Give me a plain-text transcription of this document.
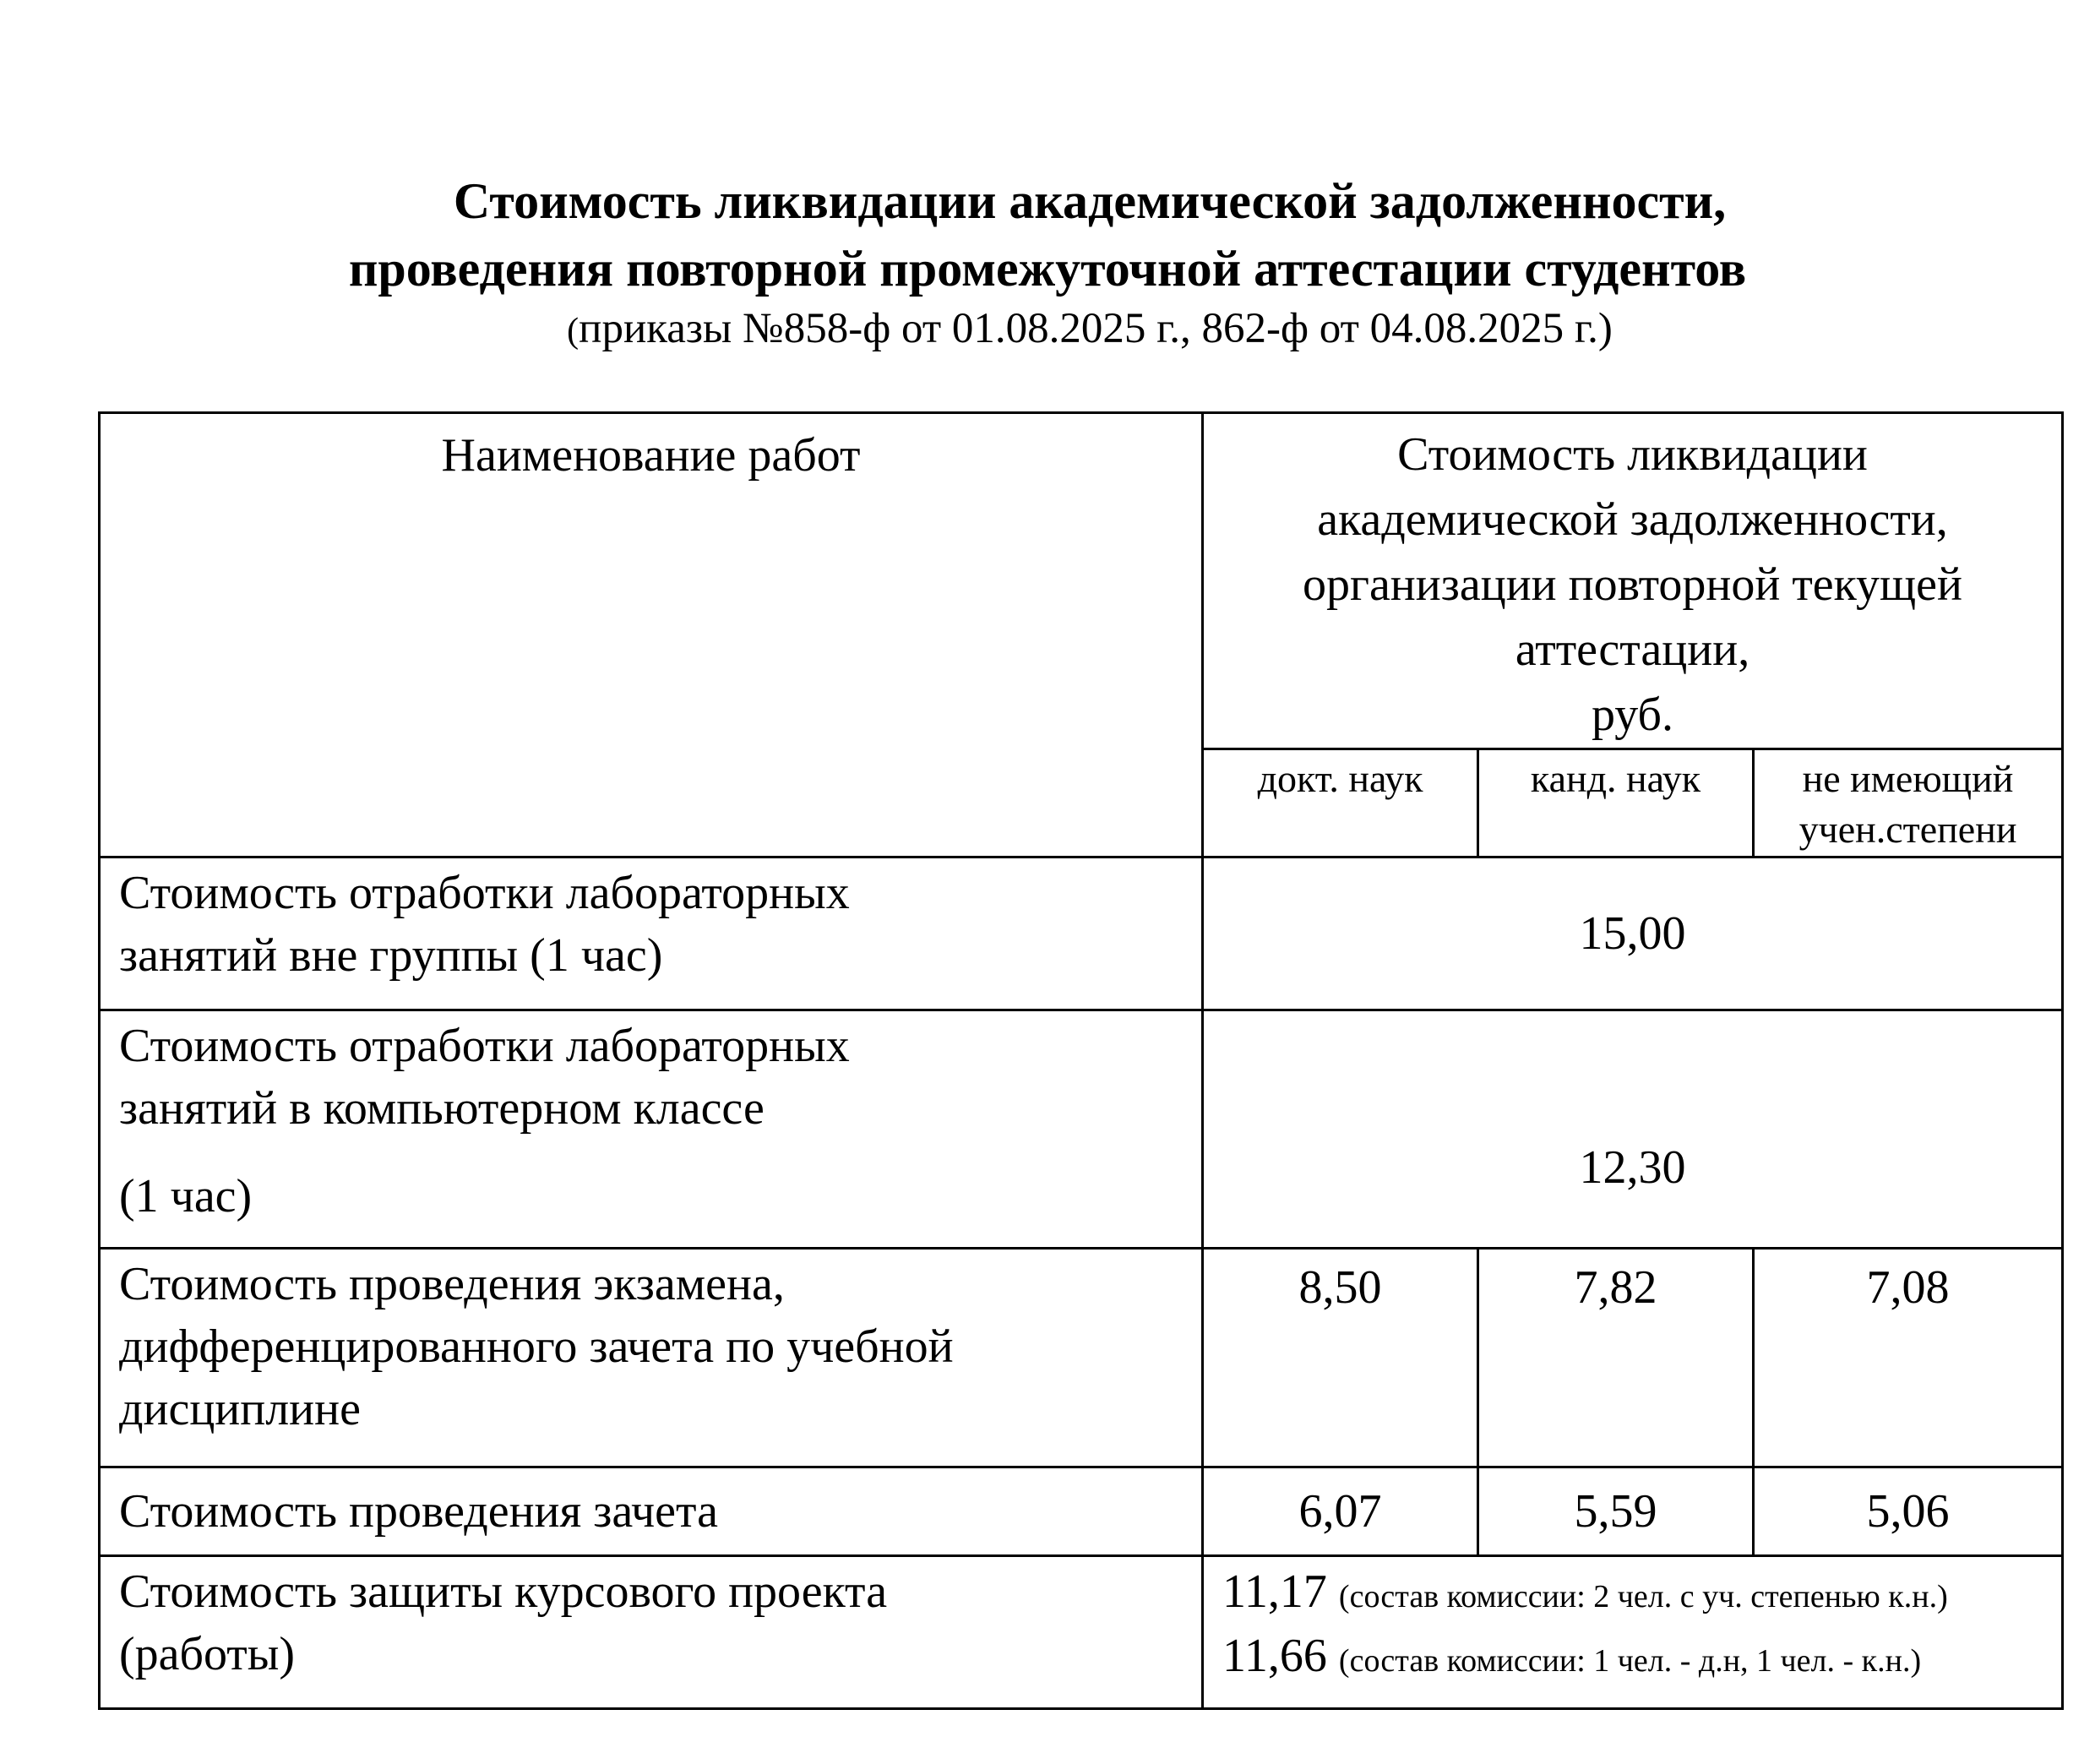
Стоимость ликвидации академической задолженности,
проведения повторной промежуточной аттестации студентов
(приказы №858-ф от 01.08.2025 г., 862-ф от 04.08.2025 г.)
Наименование работ	Стоимость ликвидации
академической задолженности,
организации повторной текущей
аттестации,
руб.		

	докт. наук	канд. наук	не имеющий
учен.степени

Стоимость отработки лабораторных
занятий вне группы (1 час)	15,00		

Стоимость отработки лабораторных
занятий в компьютерном классе
(1 час)	12,30		

Стоимость проведения экзамена,
дифференцированного зачета по учебной
дисциплине	8,50	7,82	7,08

Стоимость проведения зачета	6,07	5,59	5,06

Стоимость защиты курсового проекта
(работы)	11,17 (состав комиссии: 2 чел. с уч. степенью к.н.)
11,66 (состав комиссии: 1 чел. - д.н, 1 чел. - к.н.)		
